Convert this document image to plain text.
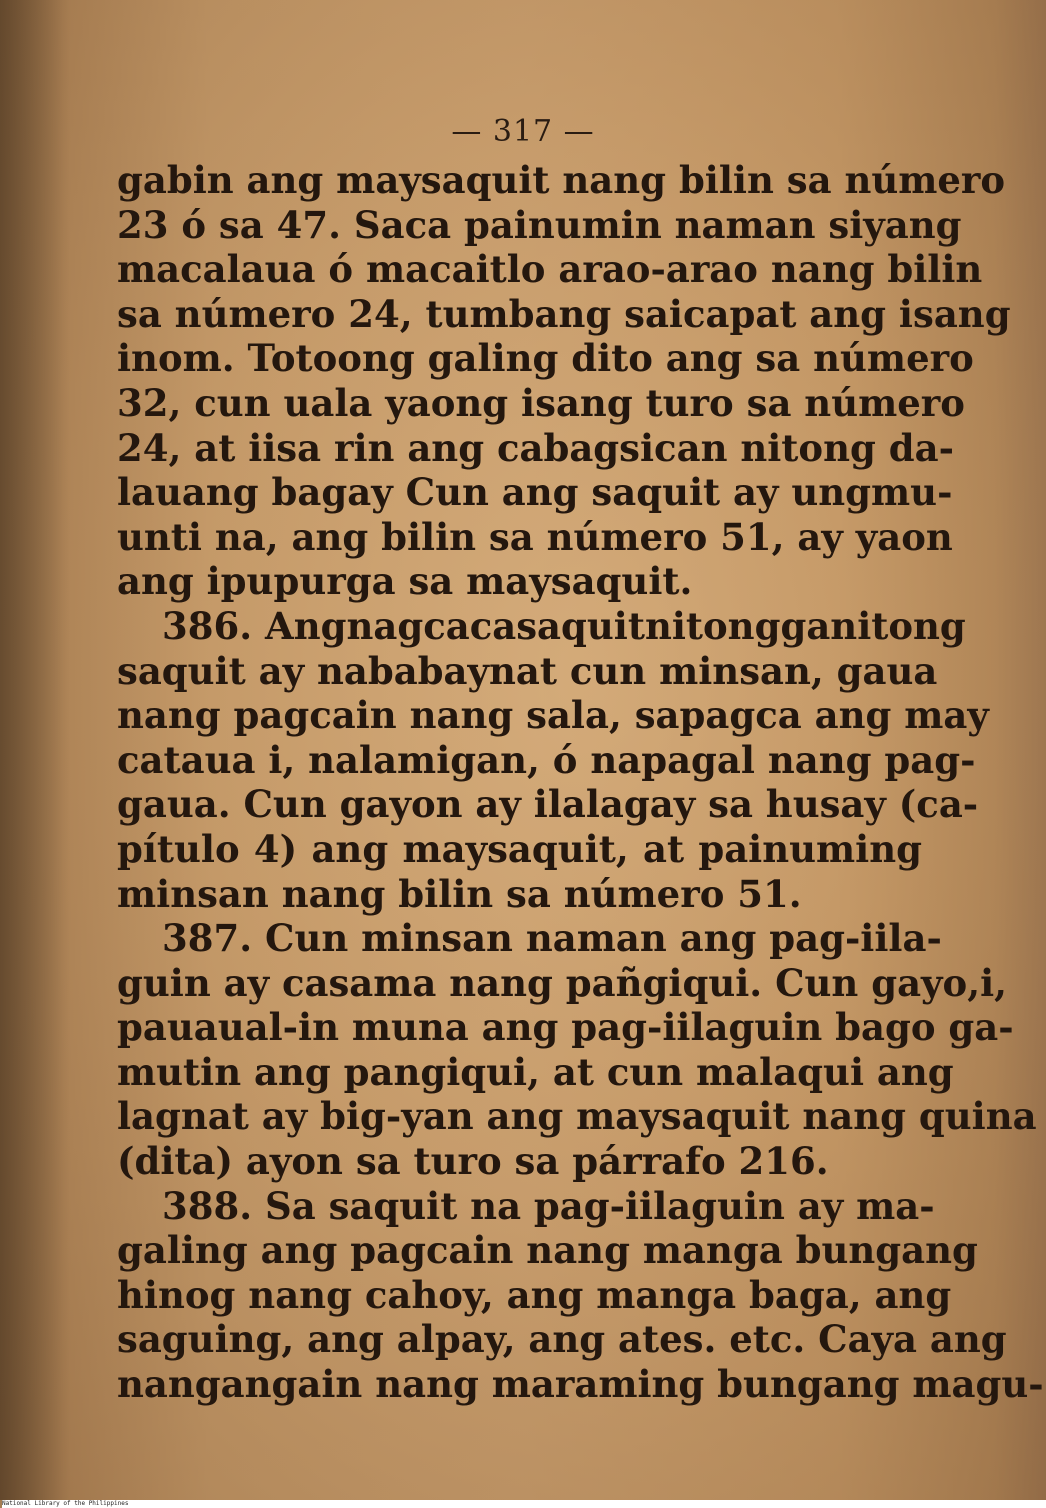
— 317 —
gabin ang maysaquit nang bilin sa número
23 ó sa 47. Saca painumin naman siyang
macalaua ó macaitlo arao-arao nang bilin
sa número 24, tumbang saicapat ang isang
inom. Totoong galing dito ang sa número
32, cun uala yaong isang turo sa número
24, at iisa rin ang cabagsican nitong da-
lauang bagay Cun ang saquit ay ungmu-
unti na, ang bilin sa número 51, ay yaon
ang ipupurga sa maysaquit.
386. Angnagcacasaquitnitongganitong
saquit ay nababaynat cun minsan, gaua
nang pagcain nang sala, sapagca ang may
cataua i, nalamigan, ó napagal nang pag-
gaua. Cun gayon ay ilalagay sa husay (ca-
pítulo 4) ang maysaquit, at painuming
minsan nang bilin sa número 51.
387. Cun minsan naman ang pag-iila-
guin ay casama nang pañgiqui. Cun gayo,i,
pauaual-in muna ang pag-iilaguin bago ga-
mutin ang pangiqui, at cun malaqui ang
lagnat ay big-yan ang maysaquit nang quina
(dita) ayon sa turo sa párrafo 216.
388. Sa saquit na pag-iilaguin ay ma-
galing ang pagcain nang manga bungang
hinog nang cahoy, ang manga baga, ang
saguing, ang alpay, ang ates. etc. Caya ang
nangangain nang maraming bungang magu-
National Library of the Philippines
